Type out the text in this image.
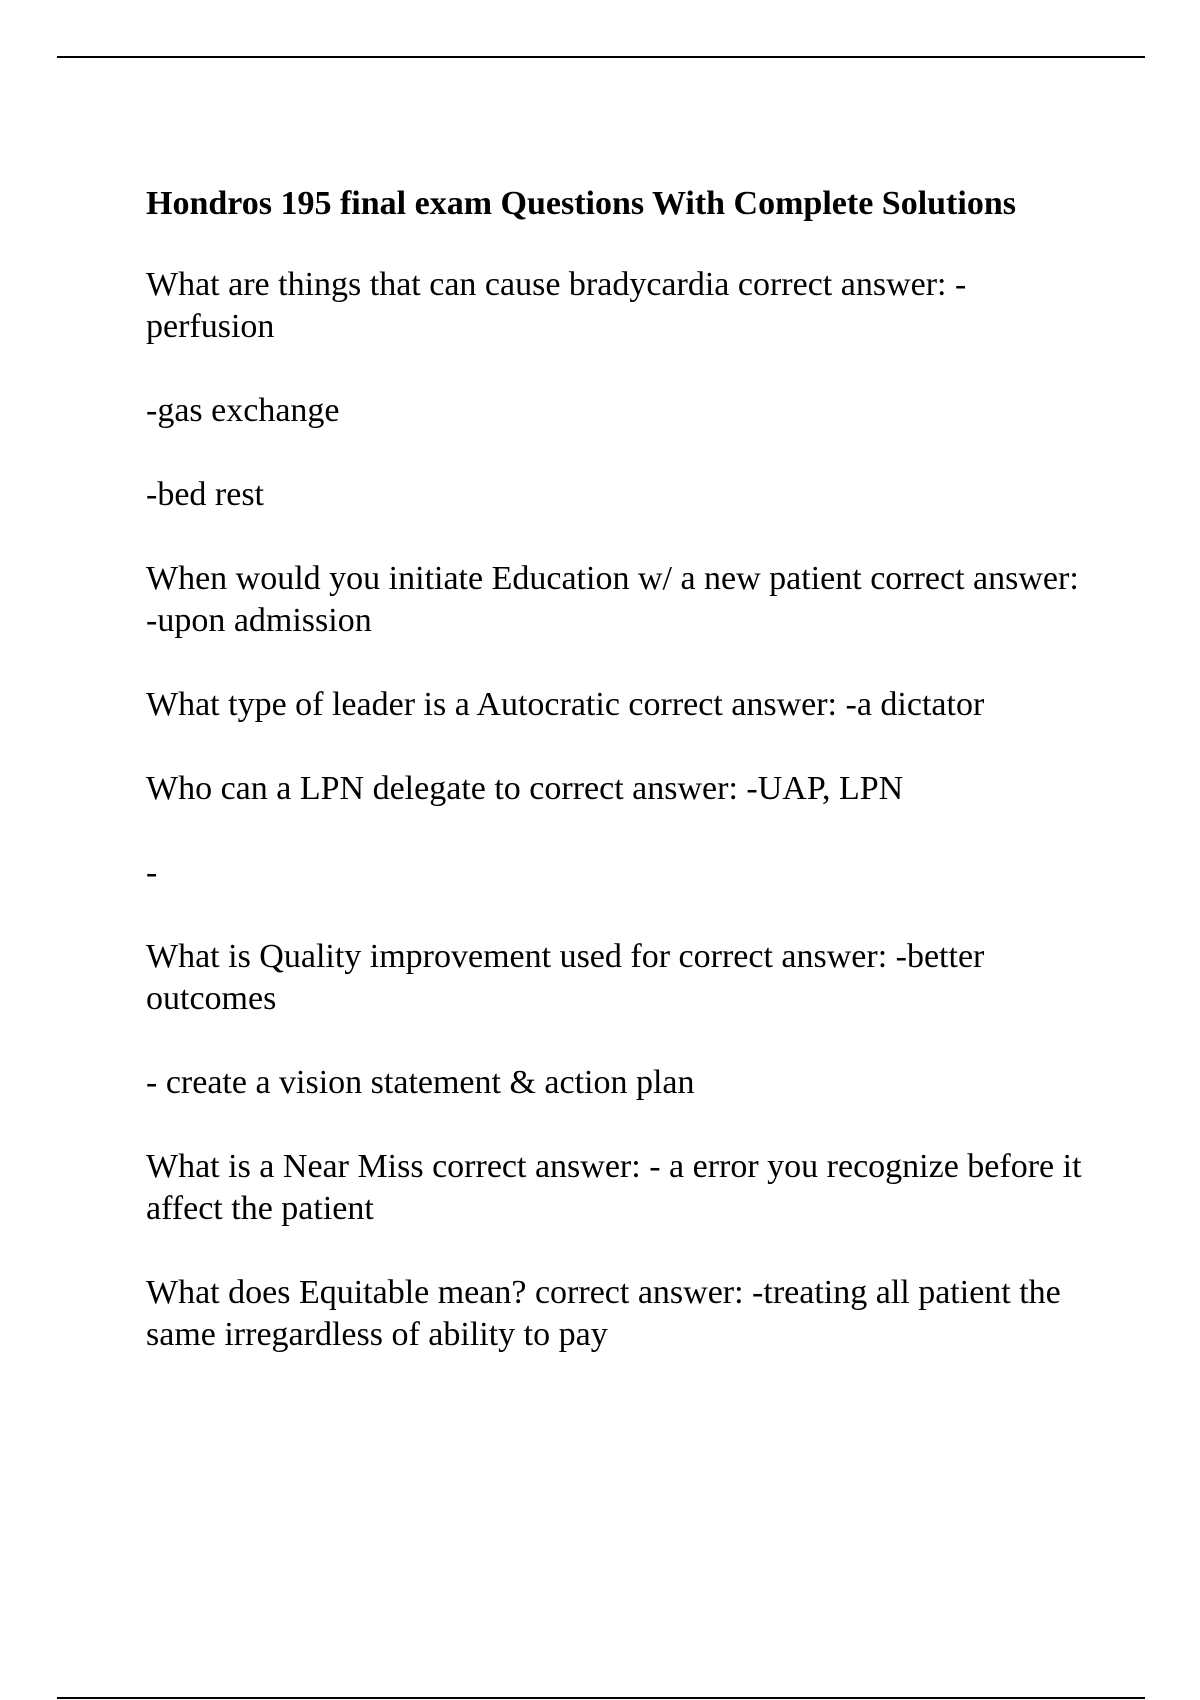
Hondros 195 final exam Questions With Complete Solutions
What are things that can cause bradycardia correct answer: -perfusion
-gas exchange
-bed rest
When would you initiate Education w/ a new patient correct answer: -upon admission
What type of leader is a Autocratic correct answer: -a dictator
Who can a LPN delegate to correct answer: -UAP, LPN
-
What is Quality improvement used for correct answer: -better outcomes
- create a vision statement & action plan
What is a Near Miss correct answer: - a error you recognize before it affect the patient
What does Equitable mean? correct answer: -treating all patient the same irregardless of ability to pay
